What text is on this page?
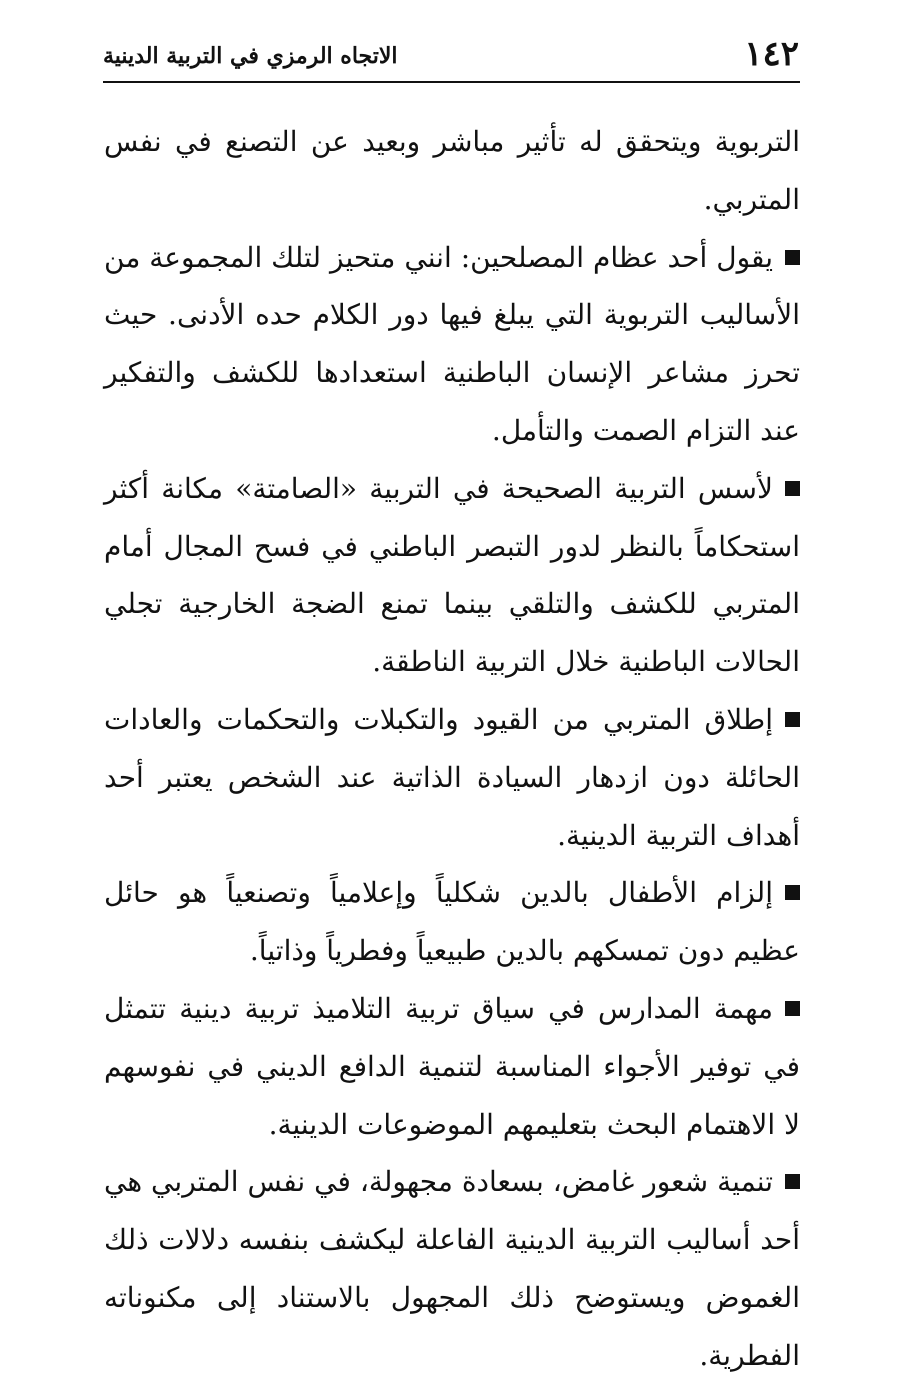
١٤٢
الاتجاه الرمزي في التربية الدينية

التربوية ويتحقق له تأثير مباشر وبعيد عن التصنع في نفس المتربي.

يقول أحد عظام المصلحين: انني متحيز لتلك المجموعة من الأساليب التربوية التي يبلغ فيها دور الكلام حده الأدنى. حيث تحرز مشاعر الإنسان الباطنية استعدادها للكشف والتفكير عند التزام الصمت والتأمل.

لأسس التربية الصحيحة في التربية «الصامتة» مكانة أكثر استحكاماً بالنظر لدور التبصر الباطني في فسح المجال أمام المتربي للكشف والتلقي بينما تمنع الضجة الخارجية تجلي الحالات الباطنية خلال التربية الناطقة.

إطلاق المتربي من القيود والتكبلات والتحكمات والعادات الحائلة دون ازدهار السيادة الذاتية عند الشخص يعتبر أحد أهداف التربية الدينية.

إلزام الأطفال بالدين شكلياً وإعلامياً وتصنعياً هو حائل عظيم دون تمسكهم بالدين طبيعياً وفطرياً وذاتياً.

مهمة المدارس في سياق تربية التلاميذ تربية دينية تتمثل في توفير الأجواء المناسبة لتنمية الدافع الديني في نفوسهم لا الاهتمام البحث بتعليمهم الموضوعات الدينية.

تنمية شعور غامض، بسعادة مجهولة، في نفس المتربي هي أحد أساليب التربية الدينية الفاعلة ليكشف بنفسه دلالات ذلك الغموض ويستوضح ذلك المجهول بالاستناد إلى مكنوناته الفطرية.
